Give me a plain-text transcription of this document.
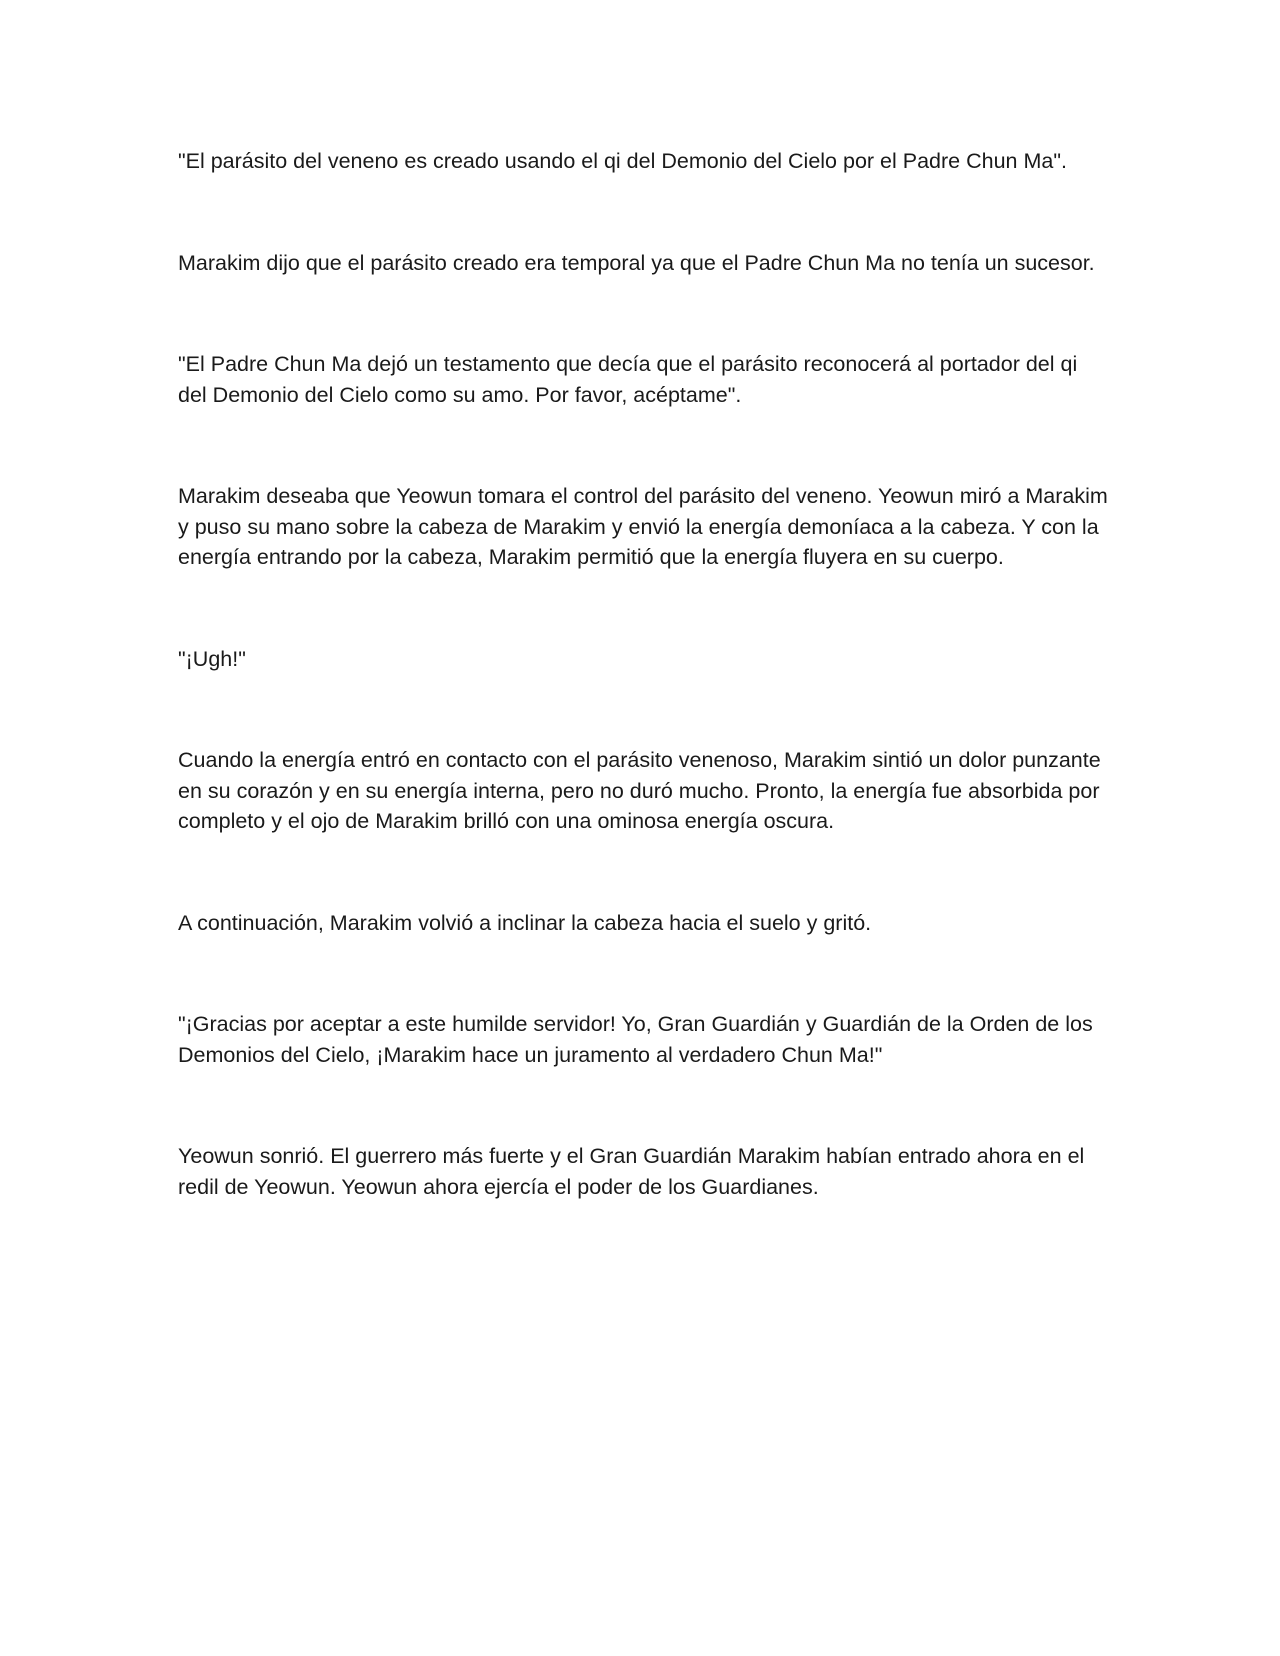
"El parásito del veneno es creado usando el qi del Demonio del Cielo por el Padre Chun Ma".

Marakim dijo que el parásito creado era temporal ya que el Padre Chun Ma no tenía un sucesor.

"El Padre Chun Ma dejó un testamento que decía que el parásito reconocerá al portador del qi del Demonio del Cielo como su amo. Por favor, acéptame".

Marakim deseaba que Yeowun tomara el control del parásito del veneno. Yeowun miró a Marakim y puso su mano sobre la cabeza de Marakim y envió la energía demoníaca a la cabeza. Y con la energía entrando por la cabeza, Marakim permitió que la energía fluyera en su cuerpo.

"¡Ugh!"

Cuando la energía entró en contacto con el parásito venenoso, Marakim sintió un dolor punzante en su corazón y en su energía interna, pero no duró mucho. Pronto, la energía fue absorbida por completo y el ojo de Marakim brilló con una ominosa energía oscura.

A continuación, Marakim volvió a inclinar la cabeza hacia el suelo y gritó.

"¡Gracias por aceptar a este humilde servidor! Yo, Gran Guardián y Guardián de la Orden de los Demonios del Cielo, ¡Marakim hace un juramento al verdadero Chun Ma!"

Yeowun sonrió. El guerrero más fuerte y el Gran Guardián Marakim habían entrado ahora en el redil de Yeowun. Yeowun ahora ejercía el poder de los Guardianes.
